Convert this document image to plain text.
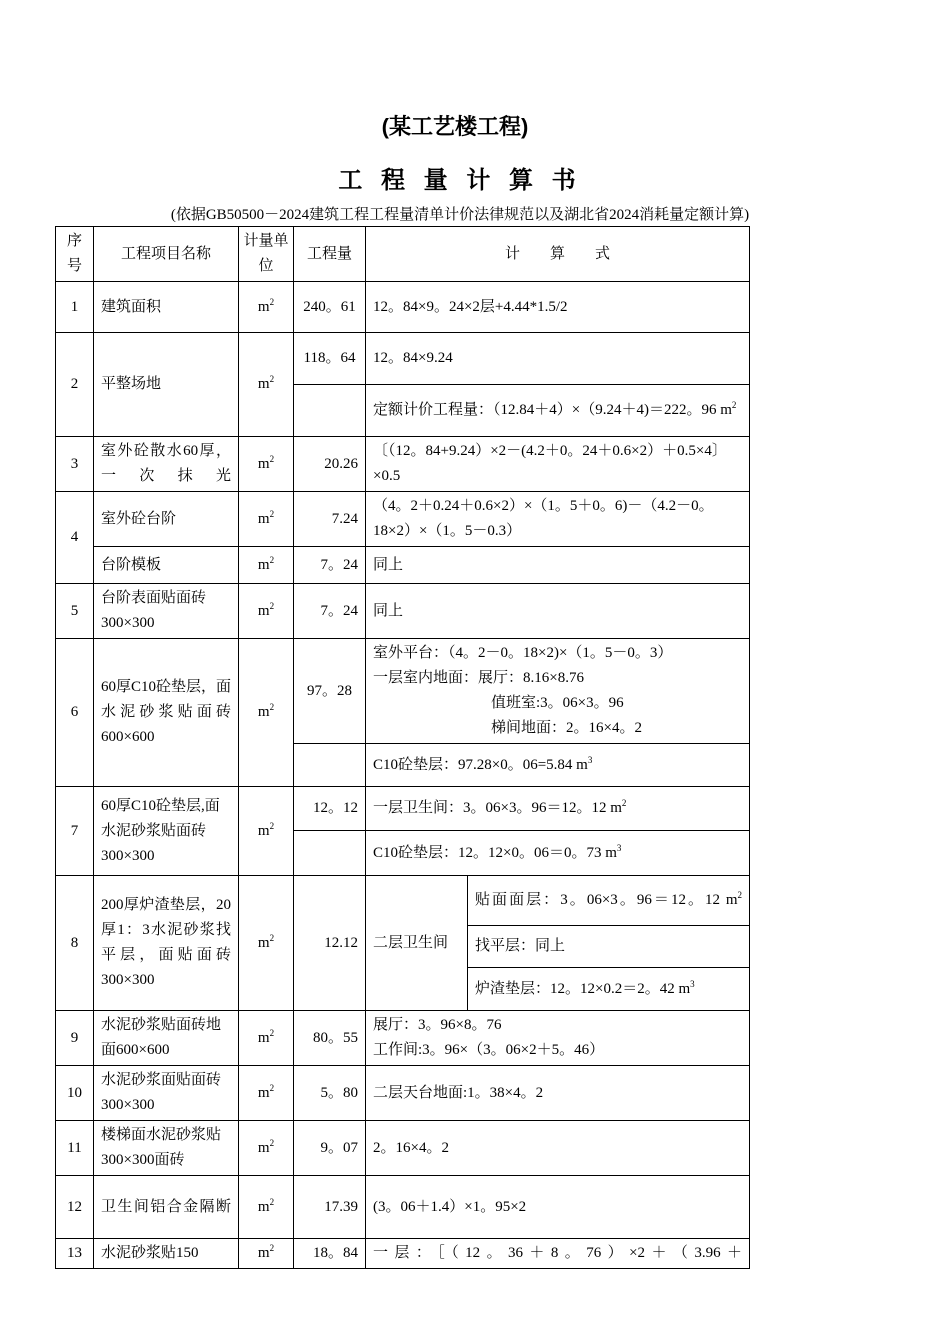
(某工艺楼工程)
工 程 量 计 算 书
(依据GB50500－2024建筑工程工程量清单计价法律规范以及湖北省2024消耗量定额计算)
序号	工程项目名称	计量单位	工程量	计　　算　　式	
1	建筑面积	$m^2$	240。61	12。84×9。24×2层+4.44*1.5/2	
2	平整场地	$m^2$	118。64	12。84×9.24	
				定额计价工程量：（12.84＋4）×（9.24＋4)＝222。96 $m^2$
3	室外砼散水60厚，一次抹光	$m^2$	20.26	〔（12。84+9.24）×2－(4.2＋0。24＋0.6×2）＋0.5×4〕×0.5	
4	室外砼台阶	$m^2$	7.24	（4。2＋0.24＋0.6×2）×（1。5＋0。6)－（4.2－0。18×2）×（1。5－0.3）	
	台阶模板	$m^2$	7。24	同上	
5	台阶表面贴面砖300×300	$m^2$	7。24	同上	
6	60厚C10砼垫层，面水泥砂浆贴面砖600×600	$m^2$	97。28	室外平台：（4。2－0。18×2)×（1。5－0。3）
一层室内地面：展厅：8.16×8.76
值班室:3。06×3。96
梯间地面：2。16×4。2	

				C10砼垫层：97.28×0。06=5.84 $m^3$
7	60厚C10砼垫层,面水泥砂浆贴面砖300×300	$m^2$	12。12	一层卫生间：3。06×3。96＝12。12 $m^2$
				C10砼垫层：12。12×0。06＝0。73 $m^3$
8	200厚炉渣垫层，20厚1：3水泥砂浆找平层，面贴面砖300×300	$m^2$	12.12	二层卫生间	贴面面层：3。06×3。96＝12。12 $m^2$
					找平层：同上
					炉渣垫层：12。12×0.2＝2。42 $m^3$
9	水泥砂浆贴面砖地面600×600	$m^2$	80。55	展厅：3。96×8。76
工作间:3。96×（3。06×2＋5。46）	

10	水泥砂浆面贴面砖300×300	$m^2$	5。80	二层天台地面:1。38×4。2	
11	楼梯面水泥砂浆贴300×300面砖	$m^2$	9。07	2。16×4。2	
12	卫生间铝合金隔断	$m^2$	17.39	(3。06＋1.4）×1。95×2	
13	水泥砂浆贴150	$m^2$	18。84	一层：［（12。36＋8。76）×2＋（3.96＋	
